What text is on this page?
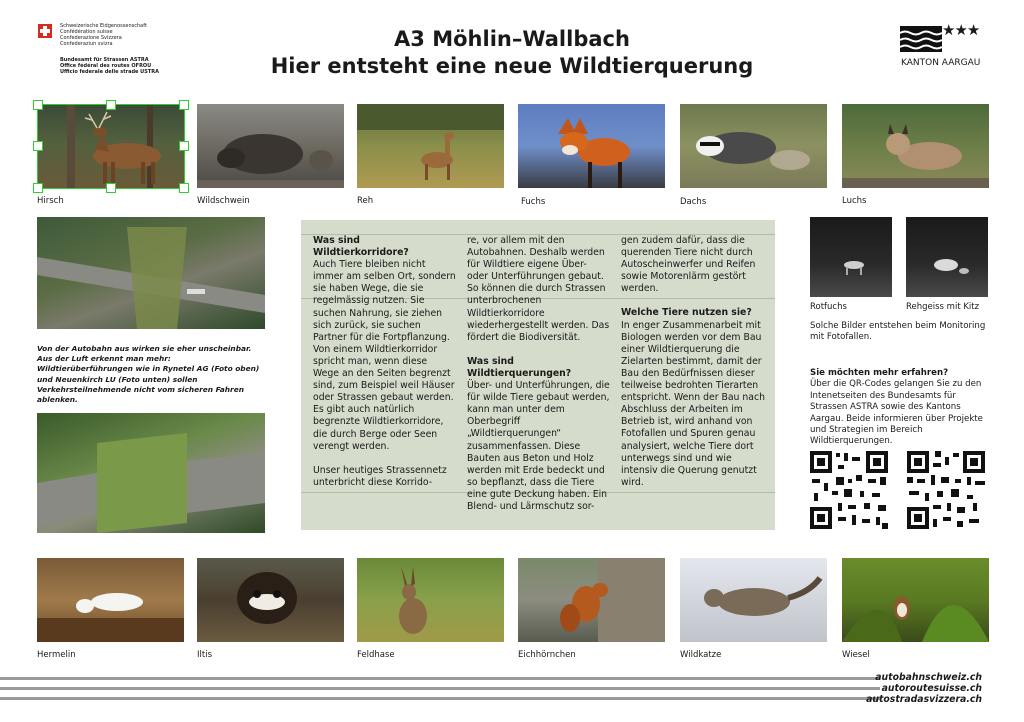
Schweizerische Eidgenossenschaft
Confédération suisse
Confederazione Svizzera
Confederaziun svizra
Bundesamt für Strassen ASTRA
Office fédéral des routes OFROU
Ufficio federale delle strade USTRA
A3 Möhlin–Wallbach
Hier entsteht eine neue Wildtierquerung
★★★
KANTON AARGAU
Hirsch	Wildschwein	Reh	Fuchs	Dachs	Luchs
Von der Autobahn aus wirken sie eher unscheinbar. Aus der Luft erkennt man mehr: Wildtierüberführungen wie in Rynetel AG (Foto oben) und Neuenkirch LU (Foto unten) sollen Verkehrsteilnehmende nicht vom sicheren Fahren ablenken.
Was sind Wildtierkorridore?

Auch Tiere bleiben nicht immer am selben Ort, sondern sie haben Wege, die sie regelmässig nutzen. Sie suchen Nahrung, sie ziehen sich zurück, sie suchen Partner für die Fortpflanzung. Von einem Wildtierkorridor spricht man, wenn diese Wege an den Seiten begrenzt sind, zum Beispiel weil Häuser oder Strassen gebaut werden. Es gibt auch natürlich begrenzte Wildtierkorridore, die durch Berge oder Seen verengt werden.

Unser heutiges Strassennetz unterbricht diese Korrido-

re, vor allem mit den Autobahnen. Deshalb werden für Wildtiere eigene Über- oder Unterführungen gebaut. So können die durch Strassen unterbrochenen Wildtierkorridore wiederhergestellt werden. Das fördert die Biodiversität.

Was sind Wildtierquerungen?

Über- und Unterführungen, die für wilde Tiere gebaut werden, kann man unter dem Oberbegriff „Wildtierquerungen“ zusammenfassen. Diese Bauten aus Beton und Holz werden mit Erde bedeckt und so bepflanzt, dass die Tiere eine gute Deckung haben. Ein Blend- und Lärmschutz sor-

gen zudem dafür, dass die querenden Tiere nicht durch Autoscheinwerfer und Reifen sowie Motorenlärm gestört werden.

Welche Tiere nutzen sie?

In enger Zusammenarbeit mit Biologen werden vor dem Bau einer Wildtierquerung die Zielarten bestimmt, damit der Bau den Bedürfnissen dieser teilweise bedrohten Tierarten entspricht. Wenn der Bau nach Abschluss der Arbeiten im Betrieb ist, wird anhand von Fotofallen und Spuren genau analysiert, welche Tiere dort unterwegs sind und wie intensiv die Querung genutzt wird.

Rotfuchs	Rehgeiss mit Kitz
Solche Bilder entstehen beim Monitoring mit Fotofallen.
Sie möchten mehr erfahren?
Über die QR-Codes gelangen Sie zu den Intenetseiten des Bundesamts für Strassen ASTRA sowie des Kantons Aargau. Beide informieren über Projekte und Strategien im Bereich Wildtierquerungen.
Hermelin	Iltis	Feldhase	Eichhörnchen	Wildkatze	Wiesel
autobahnschweiz.ch
autoroutesuisse.ch
autostradasvizzera.ch
